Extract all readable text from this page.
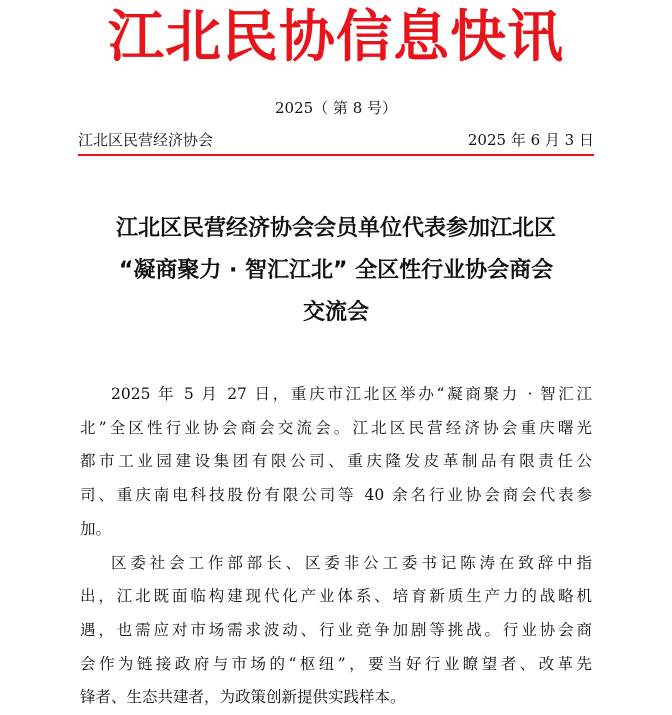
江北民协信息快讯
2025（ 第 8 号）
江北区民营经济协会	2025 年 6 月 3 日
江北区民营经济协会会员单位代表参加江北区
“凝商聚力 · 智汇江北” 全区性行业协会商会
交流会

2025 年 5 月 27 日，重庆市江北区举办“凝商聚力 · 智汇江
北”全区性行业协会商会交流会。江北区民营经济协会重庆曙光
都市工业园建设集团有限公司、重庆隆发皮革制品有限责任公
司、重庆南电科技股份有限公司等 40 余名行业协会商会代表参
加。

区委社会工作部部长、区委非公工委书记陈涛在致辞中指
出，江北既面临构建现代化产业体系、培育新质生产力的战略机
遇，也需应对市场需求波动、行业竞争加剧等挑战。行业协会商
会作为链接政府与市场的“枢纽”，要当好行业瞭望者、改革先
锋者、生态共建者，为政策创新提供实践样本。
